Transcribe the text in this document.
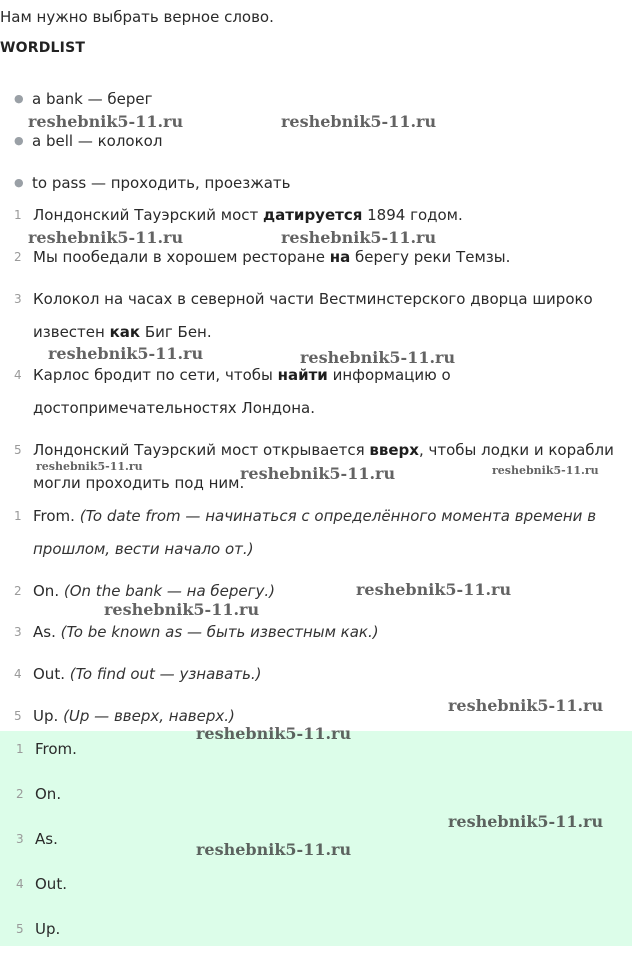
Нам нужно выбрать верное слово.
WORDLIST
● a bank — берег
● a bell — колокол
● to pass — проходить, проезжать
1 Лондонский Тауэрский мост датируется 1894 годом.
2 Мы пообедали в хорошем ресторане на берегу реки Темзы.
3 Колокол на часах в северной части Вестминстерского дворца широко
известен как Биг Бен.
4 Карлос бродит по сети, чтобы найти информацию о
достопримечательностях Лондона.
5 Лондонский Тауэрский мост открывается вверх, чтобы лодки и корабли
могли проходить под ним.
1 From. (To date from — начинаться с определённого момента времени в
прошлом, вести начало от.)
2 On. (On the bank — на берегу.)
3 As. (To be known as — быть известным как.)
4 Out. (To find out — узнавать.)
5 Up. (Up — вверх, наверх.)
1 From.
2 On.
3 As.
4 Out.
5 Up.
reshebnik5-11.ru	reshebnik5-11.ru
reshebnik5-11.ru	reshebnik5-11.ru
reshebnik5-11.ru	reshebnik5-11.ru
reshebnik5-11.ru	reshebnik5-11.ru	reshebnik5-11.ru
reshebnik5-11.ru
reshebnik5-11.ru
reshebnik5-11.ru
reshebnik5-11.ru
reshebnik5-11.ru
reshebnik5-11.ru
